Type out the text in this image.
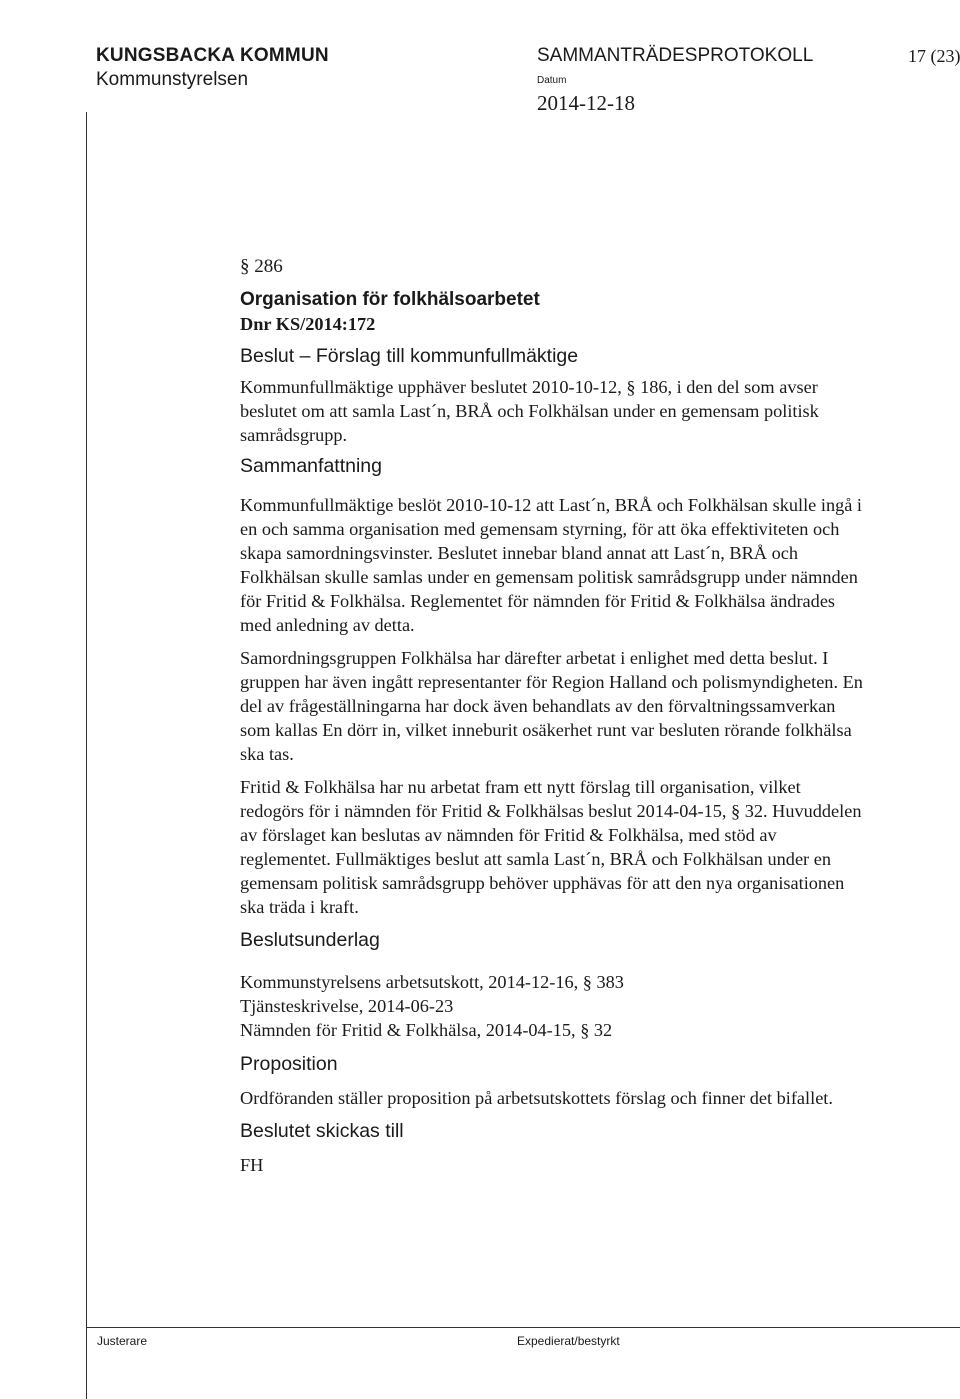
KUNGSBACKA KOMMUN
Kommunstyrelsen
SAMMANTRÄDESPROTOKOLL	17 (23)
Datum
2014-12-18

§ 286

Organisation för folkhälsoarbetet

Dnr KS/2014:172

Beslut – Förslag till kommunfullmäktige

Kommunfullmäktige upphäver beslutet 2010-10-12, § 186, i den del som avser
beslutet om att samla Last´n, BRÅ och Folkhälsan under en gemensam politisk
samrådsgrupp.

Sammanfattning

Kommunfullmäktige beslöt 2010-10-12 att Last´n, BRÅ och Folkhälsan skulle ingå i
en och samma organisation med gemensam styrning, för att öka effektiviteten och
skapa samordningsvinster. Beslutet innebar bland annat att Last´n, BRÅ och
Folkhälsan skulle samlas under en gemensam politisk samrådsgrupp under nämnden
för Fritid & Folkhälsa. Reglementet för nämnden för Fritid & Folkhälsa ändrades
med anledning av detta.

Samordningsgruppen Folkhälsa har därefter arbetat i enlighet med detta beslut. I
gruppen har även ingått representanter för Region Halland och polismyndigheten. En
del av frågeställningarna har dock även behandlats av den förvaltningssamverkan
som kallas En dörr in, vilket inneburit osäkerhet runt var besluten rörande folkhälsa
ska tas.

Fritid & Folkhälsa har nu arbetat fram ett nytt förslag till organisation, vilket
redogörs för i nämnden för Fritid & Folkhälsas beslut 2014-04-15, § 32. Huvuddelen
av förslaget kan beslutas av nämnden för Fritid & Folkhälsa, med stöd av
reglementet. Fullmäktiges beslut att samla Last´n, BRÅ och Folkhälsan under en
gemensam politisk samrådsgrupp behöver upphävas för att den nya organisationen
ska träda i kraft.

Beslutsunderlag

Kommunstyrelsens arbetsutskott, 2014-12-16, § 383
Tjänsteskrivelse, 2014-06-23
Nämnden för Fritid & Folkhälsa, 2014-04-15, § 32

Proposition

Ordföranden ställer proposition på arbetsutskottets förslag och finner det bifallet.

Beslutet skickas till

FH

Justerare	Expedierat/bestyrkt
